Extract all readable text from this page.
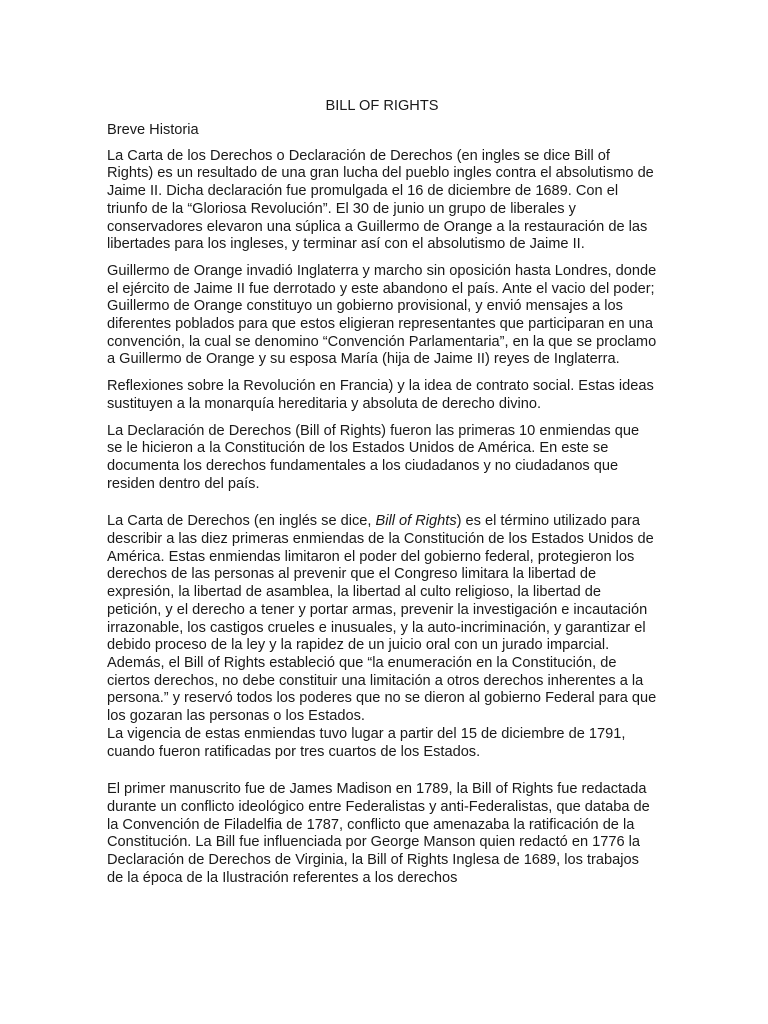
BILL OF RIGHTS
Breve Historia

La Carta de los Derechos o Declaración de Derechos (en ingles se dice Bill of Rights) es un resultado de una gran lucha del pueblo ingles contra el absolutismo de Jaime II. Dicha declaración fue promulgada el 16 de diciembre de 1689. Con el triunfo de la “Gloriosa Revolución”. El 30 de junio un grupo de liberales y conservadores elevaron una súplica a Guillermo de Orange a la restauración de las libertades para los ingleses, y terminar así con el absolutismo de Jaime II.

Guillermo de Orange invadió Inglaterra y marcho sin oposición hasta Londres, donde el ejército de Jaime II fue derrotado y este abandono el país. Ante el vacio del poder; Guillermo de Orange constituyo un gobierno provisional, y envió mensajes a los diferentes poblados para que estos eligieran representantes que participaran en una convención, la cual se denomino “Convención Parlamentaria”, en la que se proclamo a Guillermo de Orange y su esposa María (hija de Jaime II) reyes de Inglaterra.

Reflexiones sobre la Revolución en Francia) y la idea de contrato social. Estas ideas sustituyen a la monarquía hereditaria y absoluta de derecho divino.

La Declaración de Derechos (Bill of Rights) fueron las primeras 10 enmiendas que se le hicieron a la Constitución de los Estados Unidos de América. En este se documenta los derechos fundamentales a los ciudadanos y no ciudadanos que residen dentro del país.

La Carta de Derechos (en inglés se dice, Bill of Rights) es el término utilizado para describir a las diez primeras enmiendas de la Constitución de los Estados Unidos de América. Estas enmiendas limitaron el poder del gobierno federal, protegieron los derechos de las personas al prevenir que el Congreso limitara la libertad de expresión, la libertad de asamblea, la libertad al culto religioso, la libertad de petición, y el derecho a tener y portar armas, prevenir la investigación e incautación irrazonable, los castigos crueles e inusuales, y la auto-incriminación, y garantizar el debido proceso de la ley y la rapidez de un juicio oral con un jurado imparcial. Además, el Bill of Rights estableció que “la enumeración en la Constitución, de ciertos derechos, no debe constituir una limitación a otros derechos inherentes a la persona.” y reservó todos los poderes que no se dieron al gobierno Federal para que los gozaran las personas o los Estados.

La vigencia de estas enmiendas tuvo lugar a partir del 15 de diciembre de 1791, cuando fueron ratificadas por tres cuartos de los Estados.

El primer manuscrito fue de James Madison en 1789, la Bill of Rights fue redactada durante un conflicto ideológico entre Federalistas y anti-Federalistas, que databa de la Convención de Filadelfia de 1787, conflicto que amenazaba la ratificación de la Constitución. La Bill fue influenciada por George Manson quien redactó en 1776 la Declaración de Derechos de Virginia, la Bill of Rights Inglesa de 1689, los trabajos de la época de la Ilustración referentes a los derechos
